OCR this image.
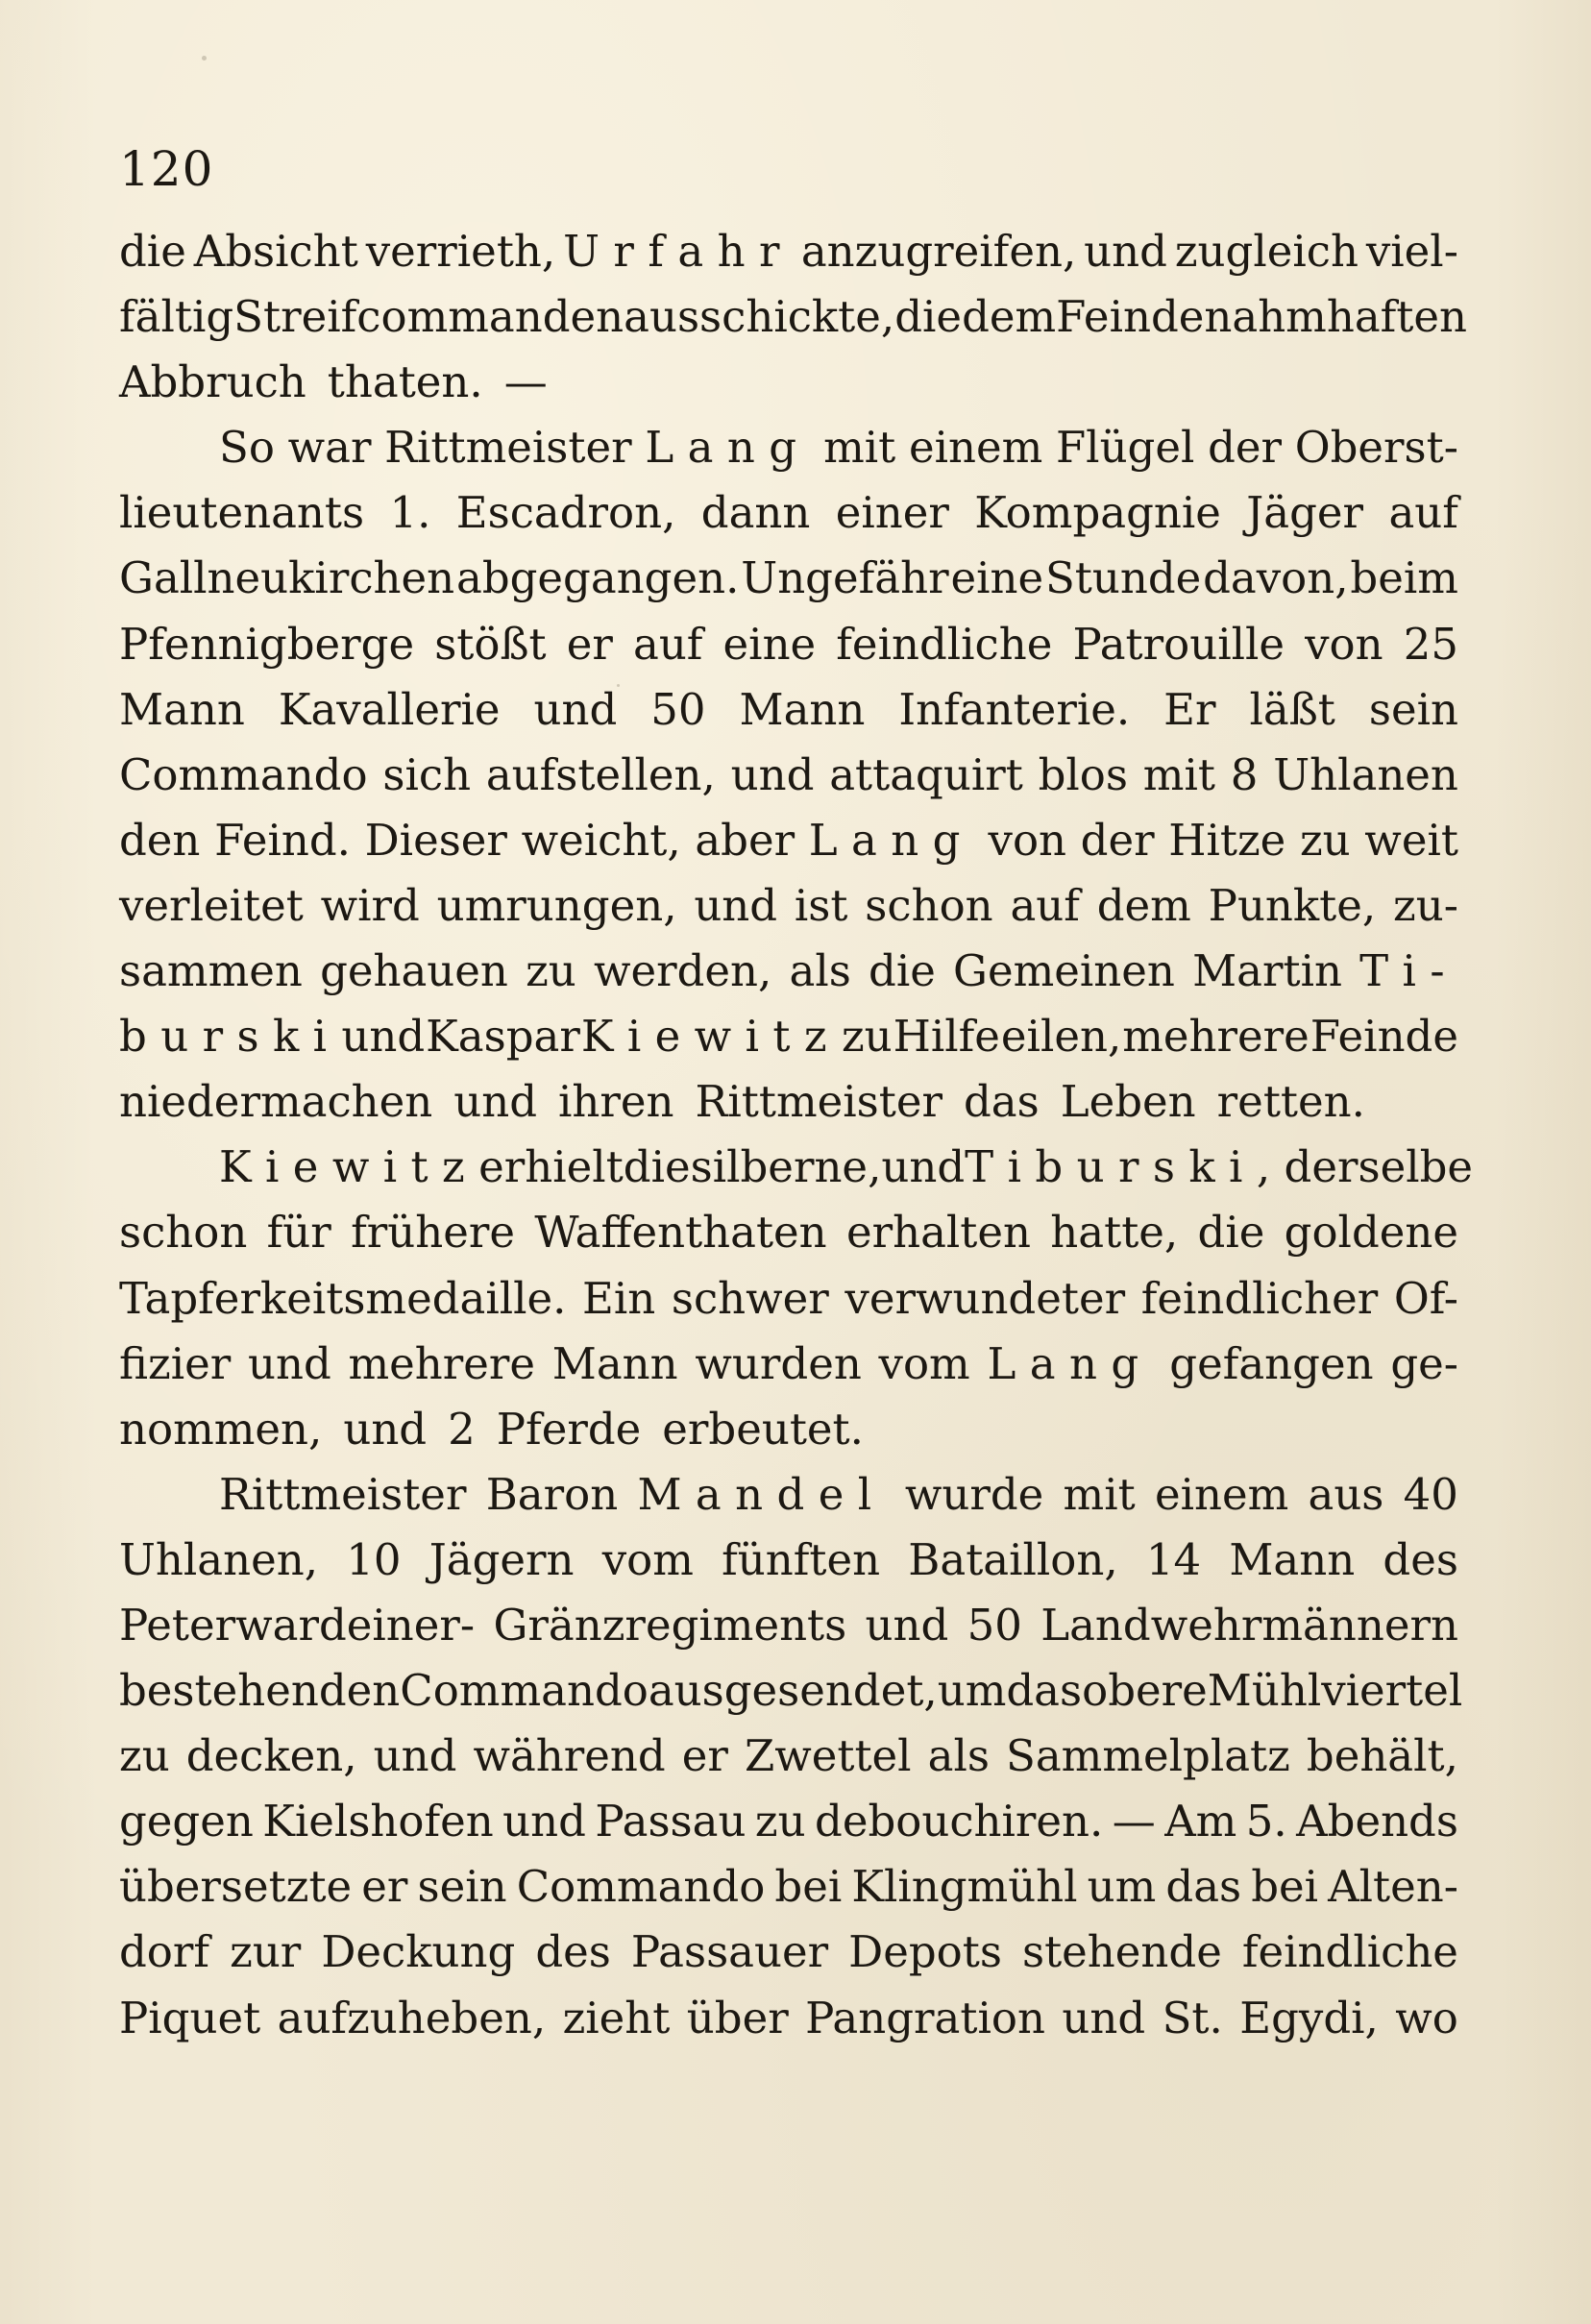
120
die Absicht verrieth, Urfahr anzugreifen, und zugleich viel-
fältig Streifcommanden ausschickte, die dem Feinde nahmhaften
Abbruch thaten. —
So war Rittmeister Lang mit einem Flügel der Oberst-
lieutenants 1. Escadron, dann einer Kompagnie Jäger auf
Gallneukirchen abgegangen. Ungefähr eine Stunde davon, beim
Pfennigberge stößt er auf eine feindliche Patrouille von 25
Mann Kavallerie und 50 Mann Infanterie. Er läßt sein
Commando sich aufstellen, und attaquirt blos mit 8 Uhlanen
den Feind. Dieser weicht, aber Lang von der Hitze zu weit
verleitet wird umrungen, und ist schon auf dem Punkte, zu-
sammen gehauen zu werden, als die Gemeinen Martin Ti-
burski und Kaspar Kiewitz zu Hilfe eilen, mehrere Feinde
niedermachen und ihren Rittmeister das Leben retten.
Kiewitz erhielt die silberne, und Tiburski, der selbe
schon für frühere Waffenthaten erhalten hatte, die goldene
Tapferkeitsmedaille. Ein schwer verwundeter feindlicher Of-
fizier und mehrere Mann wurden vom Lang gefangen ge-
nommen, und 2 Pferde erbeutet.
Rittmeister Baron Mandel wurde mit einem aus 40
Uhlanen, 10 Jägern vom fünften Bataillon, 14 Mann des
Peterwardeiner- Gränzregiments und 50 Landwehrmännern
bestehenden Commando ausgesendet, um das obere Mühlviertel
zu decken, und während er Zwettel als Sammelplatz behält,
gegen Kielshofen und Passau zu debouchiren. — Am 5. Abends
übersetzte er sein Commando bei Klingmühl um das bei Alten-
dorf zur Deckung des Passauer Depots stehende feindliche
Piquet aufzuheben, zieht über Pangration und St. Egydi, wo
